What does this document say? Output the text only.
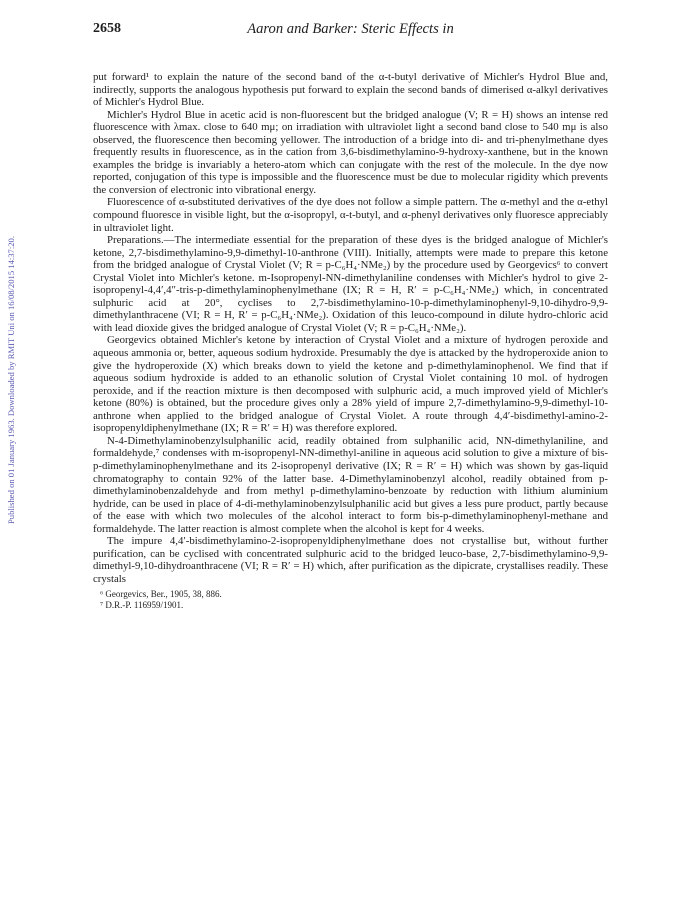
Published on 01 January 1963. Downloaded by RMIT Uni on 16/08/2015 14:37:20.
2658	Aaron and Barker: Steric Effects in

put forward¹ to explain the nature of the second band of the α-t-butyl derivative of Michler's Hydrol Blue and, indirectly, supports the analogous hypothesis put forward to explain the second bands of dimerised α-alkyl derivatives of Michler's Hydrol Blue.

Michler's Hydrol Blue in acetic acid is non-fluorescent but the bridged analogue (V; R = H) shows an intense red fluorescence with λmax. close to 640 mμ; on irradiation with ultraviolet light a second band close to 540 mμ is also observed, the fluorescence then becoming yellower. The introduction of a bridge into di- and tri-phenylmethane dyes frequently results in fluorescence, as in the cation from 3,6-bisdimethylamino-9-hydroxy-xanthene, but in the known examples the bridge is invariably a hetero-atom which can conjugate with the rest of the molecule. In the dye now reported, conjugation of this type is impossible and the fluorescence must be due to molecular rigidity which prevents the conversion of electronic into vibrational energy.

Fluorescence of α-substituted derivatives of the dye does not follow a simple pattern. The α-methyl and the α-ethyl compound fluoresce in visible light, but the α-isopropyl, α-t-butyl, and α-phenyl derivatives only fluoresce appreciably in ultraviolet light.

Preparations.—The intermediate essential for the preparation of these dyes is the bridged analogue of Michler's ketone, 2,7-bisdimethylamino-9,9-dimethyl-10-anthrone (VIII). Initially, attempts were made to prepare this ketone from the bridged analogue of Crystal Violet (V; R = p-C₆H₄·NMe₂) by the procedure used by Georgevics⁶ to convert Crystal Violet into Michler's ketone. m-Isopropenyl-NN-dimethylaniline condenses with Michler's hydrol to give 2-isopropenyl-4,4′,4″-tris-p-dimethylaminophenylmethane (IX; R = H, R′ = p-C₆H₄·NMe₂) which, in concentrated sulphuric acid at 20°, cyclises to 2,7-bisdimethylamino-10-p-dimethylaminophenyl-9,10-dihydro-9,9-dimethylanthracene (VI; R = H, R′ = p-C₆H₄·NMe₂). Oxidation of this leuco-compound in dilute hydro-chloric acid with lead dioxide gives the bridged analogue of Crystal Violet (V; R = p-C₆H₄·NMe₂).

Georgevics obtained Michler's ketone by interaction of Crystal Violet and a mixture of hydrogen peroxide and aqueous ammonia or, better, aqueous sodium hydroxide. Presumably the dye is attacked by the hydroperoxide anion to give the hydroperoxide (X) which breaks down to yield the ketone and p-dimethylaminophenol. We find that if aqueous sodium hydroxide is added to an ethanolic solution of Crystal Violet containing 10 mol. of hydrogen peroxide, and if the reaction mixture is then decomposed with sulphuric acid, a much improved yield of Michler's ketone (80%) is obtained, but the procedure gives only a 28% yield of impure 2,7-dimethylamino-9,9-dimethyl-10-anthrone when applied to the bridged analogue of Crystal Violet. A route through 4,4′-bisdimethyl-amino-2-isopropenyldiphenylmethane (IX; R = R′ = H) was therefore explored.

N-4-Dimethylaminobenzylsulphanilic acid, readily obtained from sulphanilic acid, NN-dimethylaniline, and formaldehyde,⁷ condenses with m-isopropenyl-NN-dimethyl-aniline in aqueous acid solution to give a mixture of bis-p-dimethylaminophenylmethane and its 2-isopropenyl derivative (IX; R = R′ = H) which was shown by gas-liquid chromatography to contain 92% of the latter base. 4-Dimethylaminobenzyl alcohol, readily obtained from p-dimethylaminobenzaldehyde and from methyl p-dimethylamino-benzoate by reduction with lithium aluminium hydride, can be used in place of 4-di-methylaminobenzylsulphanilic acid but gives a less pure product, partly because of the ease with which two molecules of the alcohol interact to form bis-p-dimethylaminophenyl-methane and formaldehyde. The latter reaction is almost complete when the alcohol is kept for 4 weeks.

The impure 4,4′-bisdimethylamino-2-isopropenyldiphenylmethane does not crystallise but, without further purification, can be cyclised with concentrated sulphuric acid to the bridged leuco-base, 2,7-bisdimethylamino-9,9-dimethyl-9,10-dihydroanthracene (VI; R = R′ = H) which, after purification as the dipicrate, crystallises readily. These crystals

⁶ Georgevics, Ber., 1905, 38, 886.
⁷ D.R.-P. 116959/1901.
